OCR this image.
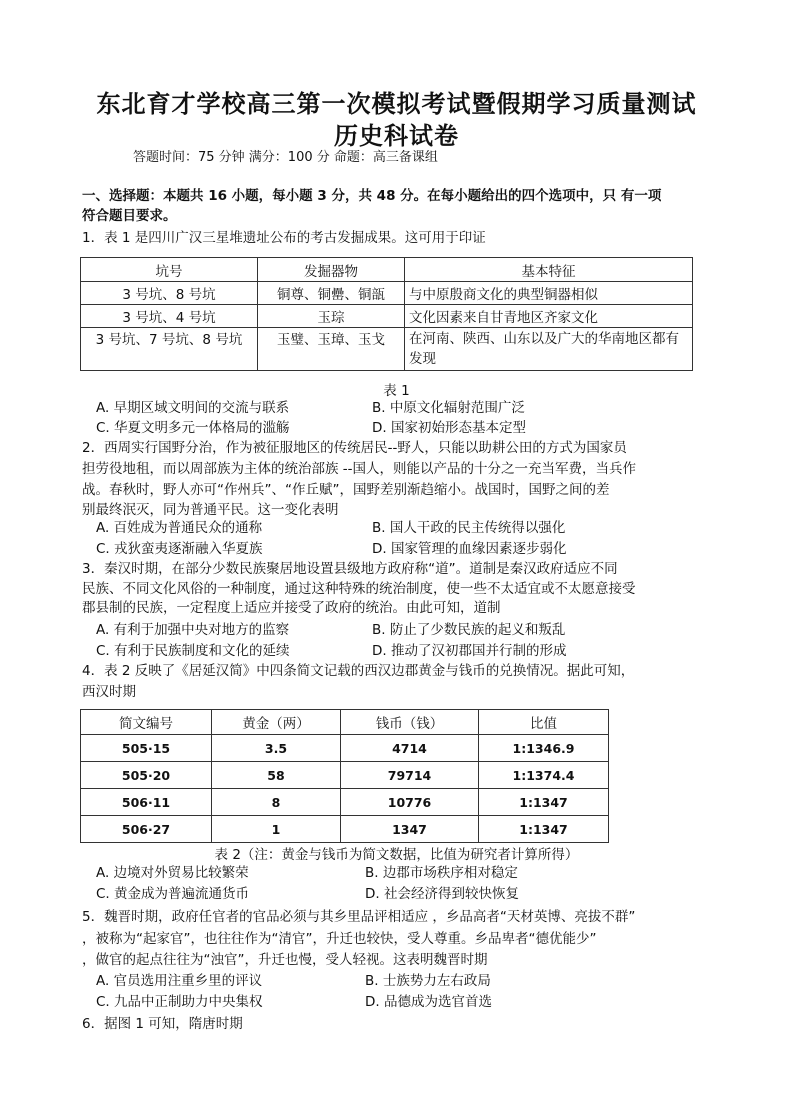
东北育才学校高三第一次模拟考试暨假期学习质量测试
历史科试卷
答题时间：75 分钟 满分：100 分 命题：高三备课组
一、选择题：本题共 16 小题，每小题 3 分，共 48 分。在每小题给出的四个选项中，只 有一项
符合题目要求。
1．表 1 是四川广汉三星堆遗址公布的考古发掘成果。这可用于印证
坑号	发掘器物	基本特征
3 号坑、8 号坑	铜尊、铜罍、铜瓿	与中原殷商文化的典型铜器相似
3 号坑、4 号坑	玉琮	文化因素来自甘青地区齐家文化
3 号坑、7 号坑、8 号坑	玉璧、玉璋、玉戈	在河南、陕西、山东以及广大的华南地区都有发现
表 1
A. 早期区域文明间的交流与联系	B. 中原文化辐射范围广泛
C. 华夏文明多元一体格局的滥觞	D. 国家初始形态基本定型
2．西周实行国野分治，作为被征服地区的传统居民--野人，只能以助耕公田的方式为国家员
担劳役地租，而以周部族为主体的统治部族 --国人，则能以产品的十分之一充当军费，当兵作
战。春秋时，野人亦可“作州兵”、“作丘赋”，国野差别渐趋缩小。战国时，国野之间的差
别最终泯灭，同为普通平民。这一变化表明
A. 百姓成为普通民众的通称	B. 国人干政的民主传统得以强化
C. 戎狄蛮夷逐渐融入华夏族	D. 国家管理的血缘因素逐步弱化
3．秦汉时期，在部分少数民族聚居地设置县级地方政府称“道”。道制是秦汉政府适应不同
民族、不同文化风俗的一种制度，通过这种特殊的统治制度，使一些不太适宜或不太愿意接受
郡县制的民族，一定程度上适应并接受了政府的统治。由此可知，道制
A. 有利于加强中央对地方的监察	B. 防止了少数民族的起义和叛乱
C. 有利于民族制度和文化的延续	D. 推动了汉初郡国并行制的形成
4．表 2 反映了《居延汉简》中四条简文记载的西汉边郡黄金与钱币的兑换情况。据此可知，
西汉时期
简文编号	黄金（两）	钱币（钱）	比值
505·15	3.5	4714	1:1346.9
505·20	58	79714	1:1374.4
506·11	8	10776	1:1347
506·27	1	1347	1:1347
表 2（注：黄金与钱币为简文数据，比值为研究者计算所得）
A. 边境对外贸易比较繁荣	B. 边郡市场秩序相对稳定
C. 黄金成为普遍流通货币	D. 社会经济得到较快恢复
5．魏晋时期，政府任官者的官品必须与其乡里品评相适应 ，乡品高者“天材英博、亮拔不群”
，被称为“起家官”，也往往作为“清官”，升迁也较快，受人尊重。乡品卑者“德优能少”
，做官的起点往往为“浊官”，升迁也慢，受人轻视。这表明魏晋时期
A. 官员选用注重乡里的评议	B. 士族势力左右政局
C. 九品中正制助力中央集权	D. 品德成为选官首选
6．据图 1 可知，隋唐时期
